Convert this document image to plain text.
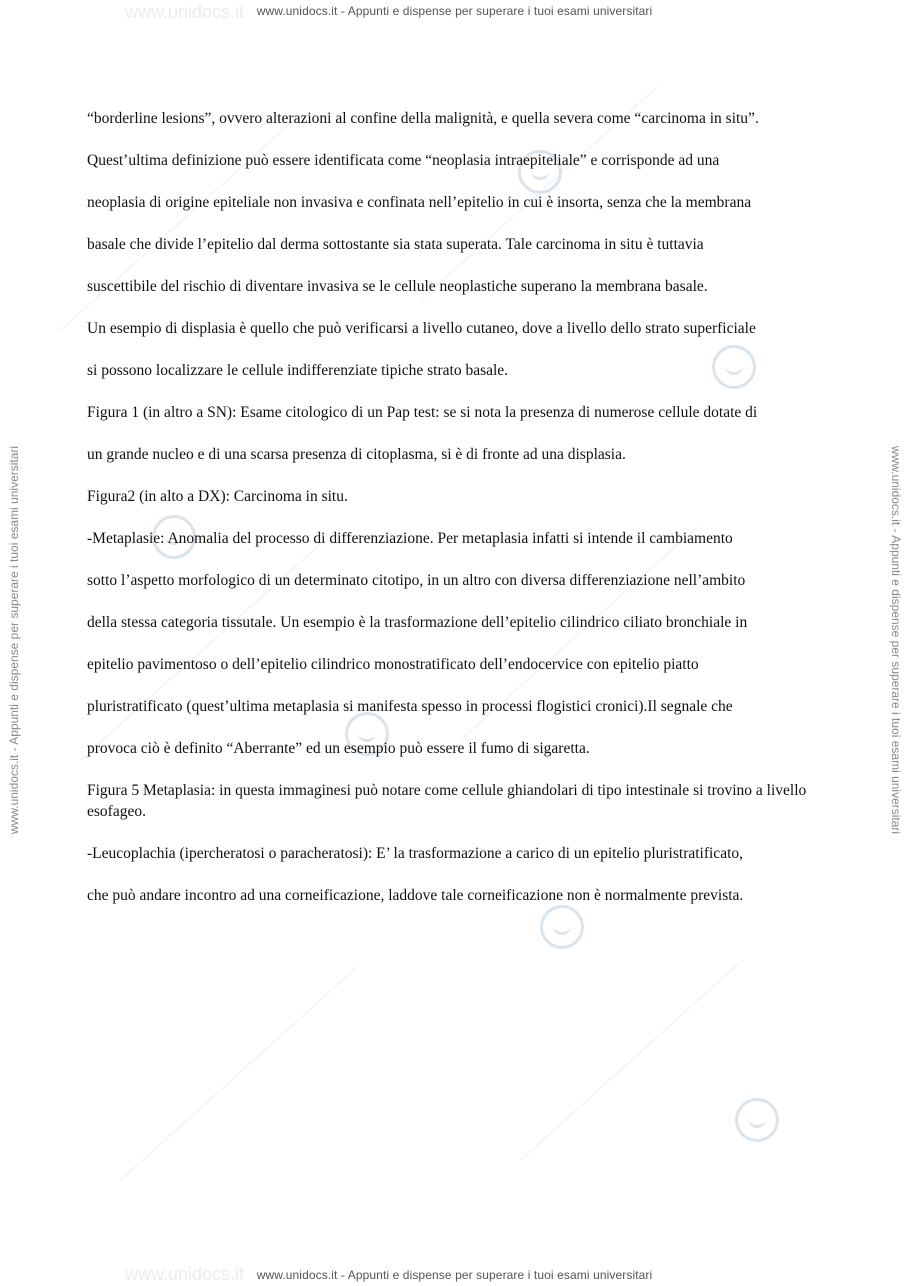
www.unidocs.it
www.unidocs.it
www.unidocs.it - Appunti e dispense per superare i tuoi esami universitari
www.unidocs.it - Appunti e dispense per superare i tuoi esami universitari
www.unidocs.it - Appunti e dispense per superare i tuoi esami universitari	www.unidocs.it - Appunti e dispense per superare i tuoi esami universitari

“borderline lesions”, ovvero alterazioni al confine della malignità, e quella severa come “carcinoma in situ”.

Quest’ultima definizione può essere identificata come “neoplasia intraepiteliale” e corrisponde ad una

neoplasia di origine epiteliale non invasiva e confinata nell’epitelio in cui è insorta, senza che la membrana

basale che divide l’epitelio dal derma sottostante sia stata superata. Tale carcinoma in situ è tuttavia

suscettibile del rischio di diventare invasiva se le cellule neoplastiche superano la membrana basale.

Un esempio di displasia è quello che può verificarsi a livello cutaneo, dove a livello dello strato superficiale

si possono localizzare le cellule indifferenziate tipiche strato basale.

Figura 1 (in altro a SN): Esame citologico di un Pap test: se si nota la presenza di numerose cellule dotate di

un grande nucleo e di una scarsa presenza di citoplasma, si è di fronte ad una displasia.

Figura2 (in alto a DX): Carcinoma in situ.

-Metaplasie: Anomalia del processo di differenziazione. Per metaplasia infatti si intende il cambiamento

sotto l’aspetto morfologico di un determinato citotipo, in un altro con diversa differenziazione nell’ambito

della stessa categoria tissutale. Un esempio è la trasformazione dell’epitelio cilindrico ciliato bronchiale in

epitelio pavimentoso o dell’epitelio cilindrico monostratificato dell’endocervice con epitelio piatto

pluristratificato (quest’ultima metaplasia si manifesta spesso in processi flogistici cronici).Il segnale che

provoca ciò è definito “Aberrante” ed un esempio può essere il fumo di sigaretta.

Figura 5 Metaplasia: in questa immaginesi può notare come cellule ghiandolari di tipo intestinale si trovino a livello esofageo.

-Leucoplachia (ipercheratosi o paracheratosi): E’ la trasformazione a carico di un epitelio pluristratificato,

che può andare incontro ad una corneificazione, laddove tale corneificazione non è normalmente prevista.
